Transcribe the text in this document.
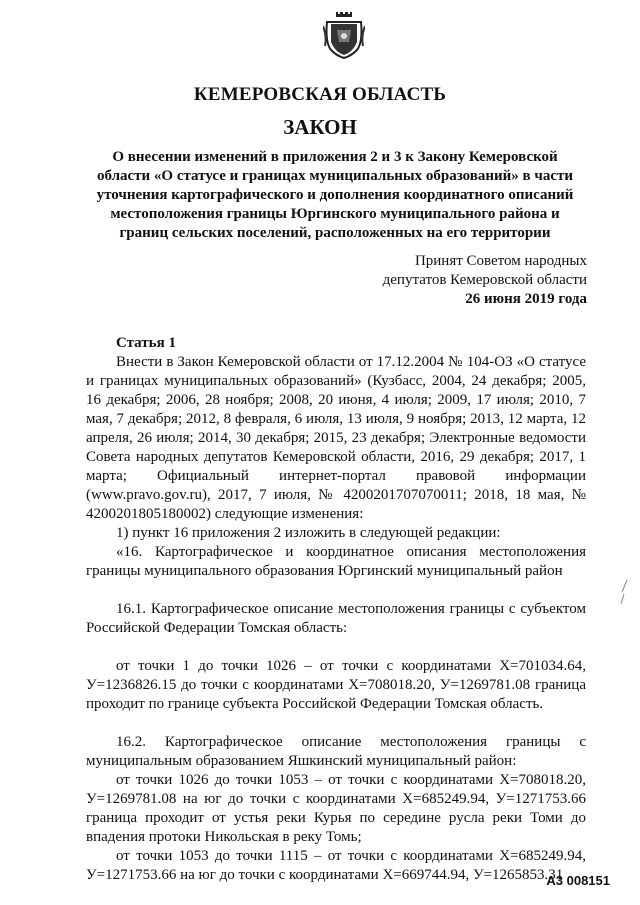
КЕМЕРОВСКАЯ ОБЛАСТЬ
ЗАКОН
О внесении изменений в приложения 2 и 3 к Закону Кемеровской области «О статусе и границах муниципальных образований» в части уточнения картографического и дополнения координатного описаний местоположения границы Юргинского муниципального района и границ сельских поселений, расположенных на его территории
Принят Советом народных
депутатов Кемеровской области
26 июня 2019 года

Статья 1

Внести в Закон Кемеровской области от 17.12.2004 № 104-ОЗ «О статусе и границах муниципальных образований» (Кузбасс, 2004, 24 декабря; 2005, 16 декабря; 2006, 28 ноября; 2008, 20 июня, 4 июля; 2009, 17 июля; 2010, 7 мая, 7 декабря; 2012, 8 февраля, 6 июля, 13 июля, 9 ноября; 2013, 12 марта, 12 апреля, 26 июля; 2014, 30 декабря; 2015, 23 декабря; Электронные ведомости Совета народных депутатов Кемеровской области, 2016, 29 декабря; 2017, 1 марта; Официальный интернет-портал правовой информации (www.pravo.gov.ru), 2017, 7 июля, № 4200201707070011; 2018, 18 мая, № 4200201805180002) следующие изменения:

1) пункт 16 приложения 2 изложить в следующей редакции:

«16. Картографическое и координатное описания местоположения границы муниципального образования Юргинский муниципальный район

16.1. Картографическое описание местоположения границы с субъектом Российской Федерации Томская область:

от точки 1 до точки 1026 – от точки с координатами Х=701034.64, У=1236826.15 до точки с координатами Х=708018.20, У=1269781.08 граница проходит по границе субъекта Российской Федерации Томская область.

16.2. Картографическое описание местоположения границы с муниципальным образованием Яшкинский муниципальный район:

от точки 1026 до точки 1053 – от точки с координатами Х=708018.20, У=1269781.08 на юг до точки с координатами Х=685249.94, У=1271753.66 граница проходит от устья реки Курья по середине русла реки Томи до впадения протоки Никольская в реку Томь;

от точки 1053 до точки 1115 – от точки с координатами Х=685249.94, У=1271753.66 на юг до точки с координатами Х=669744.94, У=1265853.31

А3 008151
